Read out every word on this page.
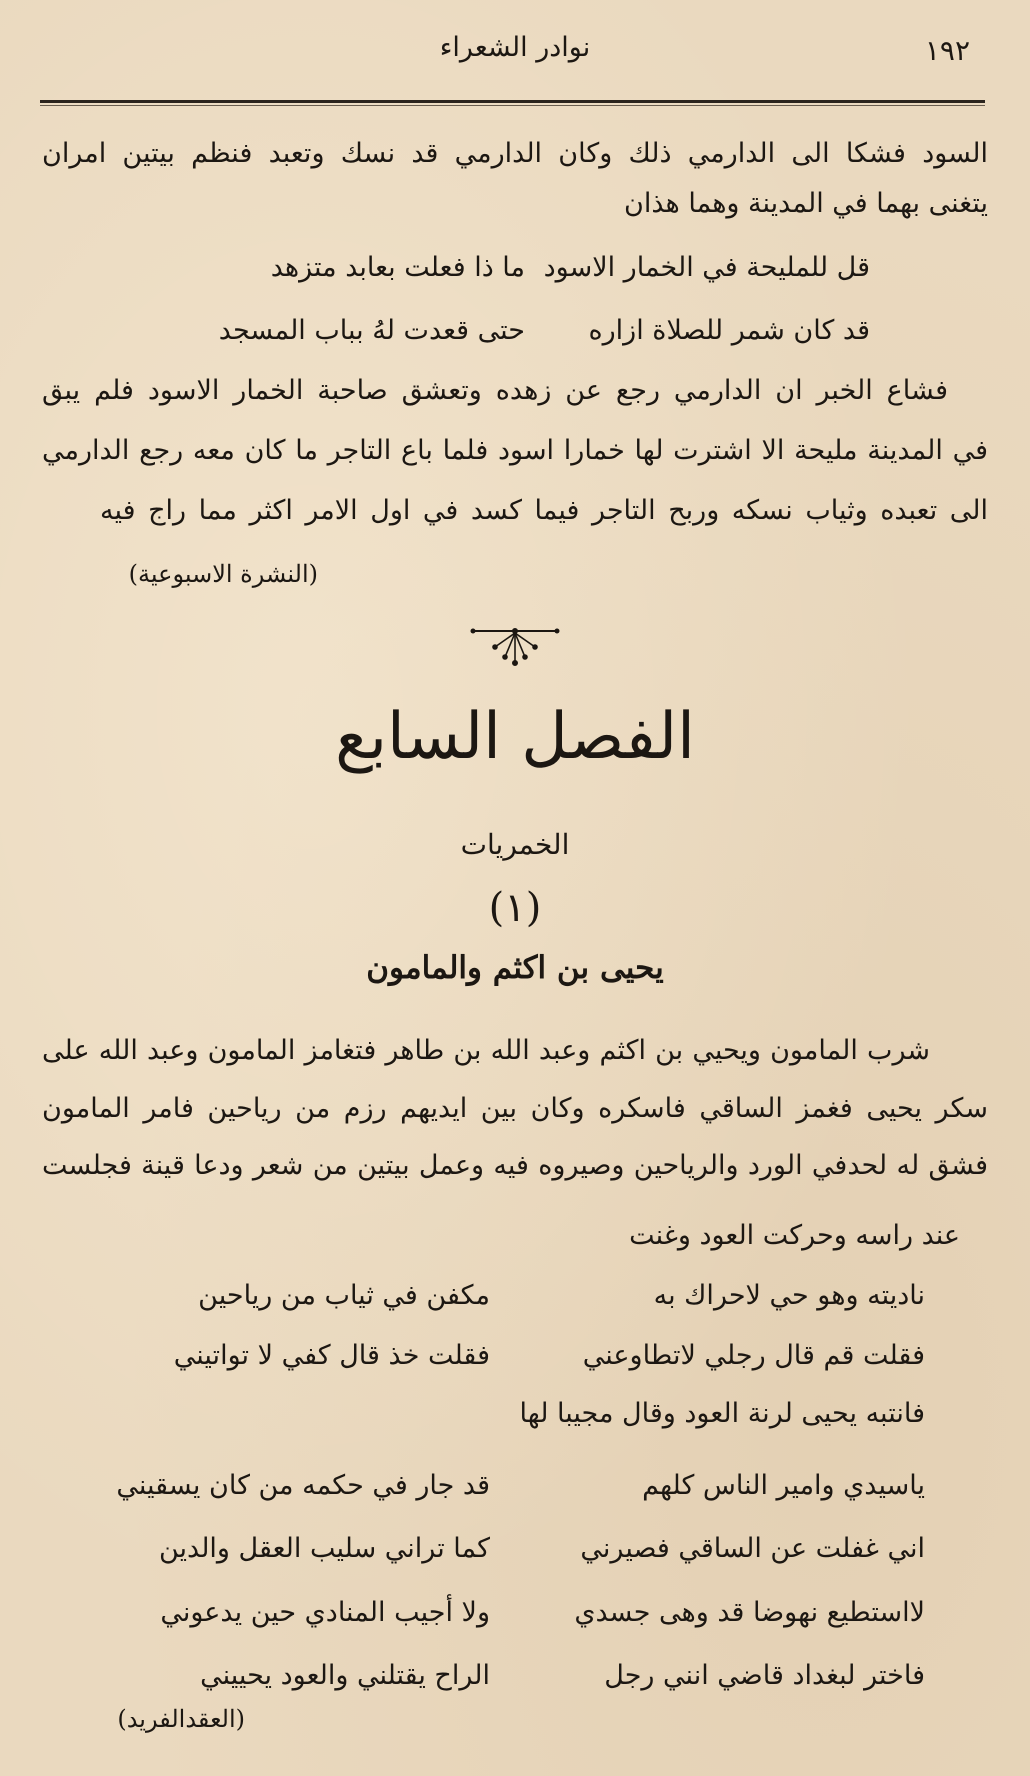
١٩٢
نوادر الشعراء
السود فشكا الى الدارمي ذلك وكان الدارمي قد نسك وتعبد فنظم بيتين امران
يتغنى بهما في المدينة وهما هذان
قل للمليحة في الخمار الاسود
ما ذا فعلت بعابد متزهد
قد كان شمر للصلاة ازاره
حتى قعدت لهُ بباب المسجد
فشاع الخبر ان الدارمي رجع عن زهده وتعشق صاحبة الخمار الاسود فلم يبق
في المدينة مليحة الا اشترت لها خمارا اسود فلما باع التاجر ما كان معه رجع الدارمي
الى تعبده وثياب نسكه وربح التاجر فيما كسد في اول الامر اكثر مما راج فيه
(النشرة الاسبوعية)
الفصل السابع
الخمريات
(١)
يحيى بن اكثم والمامون
شرب المامون ويحيي بن اكثم وعبد الله بن طاهر فتغامز المامون وعبد الله على
سكر يحيى فغمز الساقي فاسكره وكان بين ايديهم رزم من رياحين فامر المامون
فشق له لحدفي الورد والرياحين وصيروه فيه وعمل بيتين من شعر ودعا قينة فجلست
عند راسه وحركت العود وغنت
ناديته وهو حي لاحراك به
مكفن في ثياب من رياحين
فقلت قم قال رجلي لاتطاوعني
فقلت خذ قال كفي لا تواتيني
فانتبه يحيى لرنة العود وقال مجيبا لها
ياسيدي وامير الناس كلهم
قد جار في حكمه من كان يسقيني
اني غفلت عن الساقي فصيرني
كما تراني سليب العقل والدين
لااستطيع نهوضا قد وهى جسدي
ولا أجيب المنادي حين يدعوني
فاختر لبغداد قاضي انني رجل
الراح يقتلني والعود يحييني
(العقدالفريد)
